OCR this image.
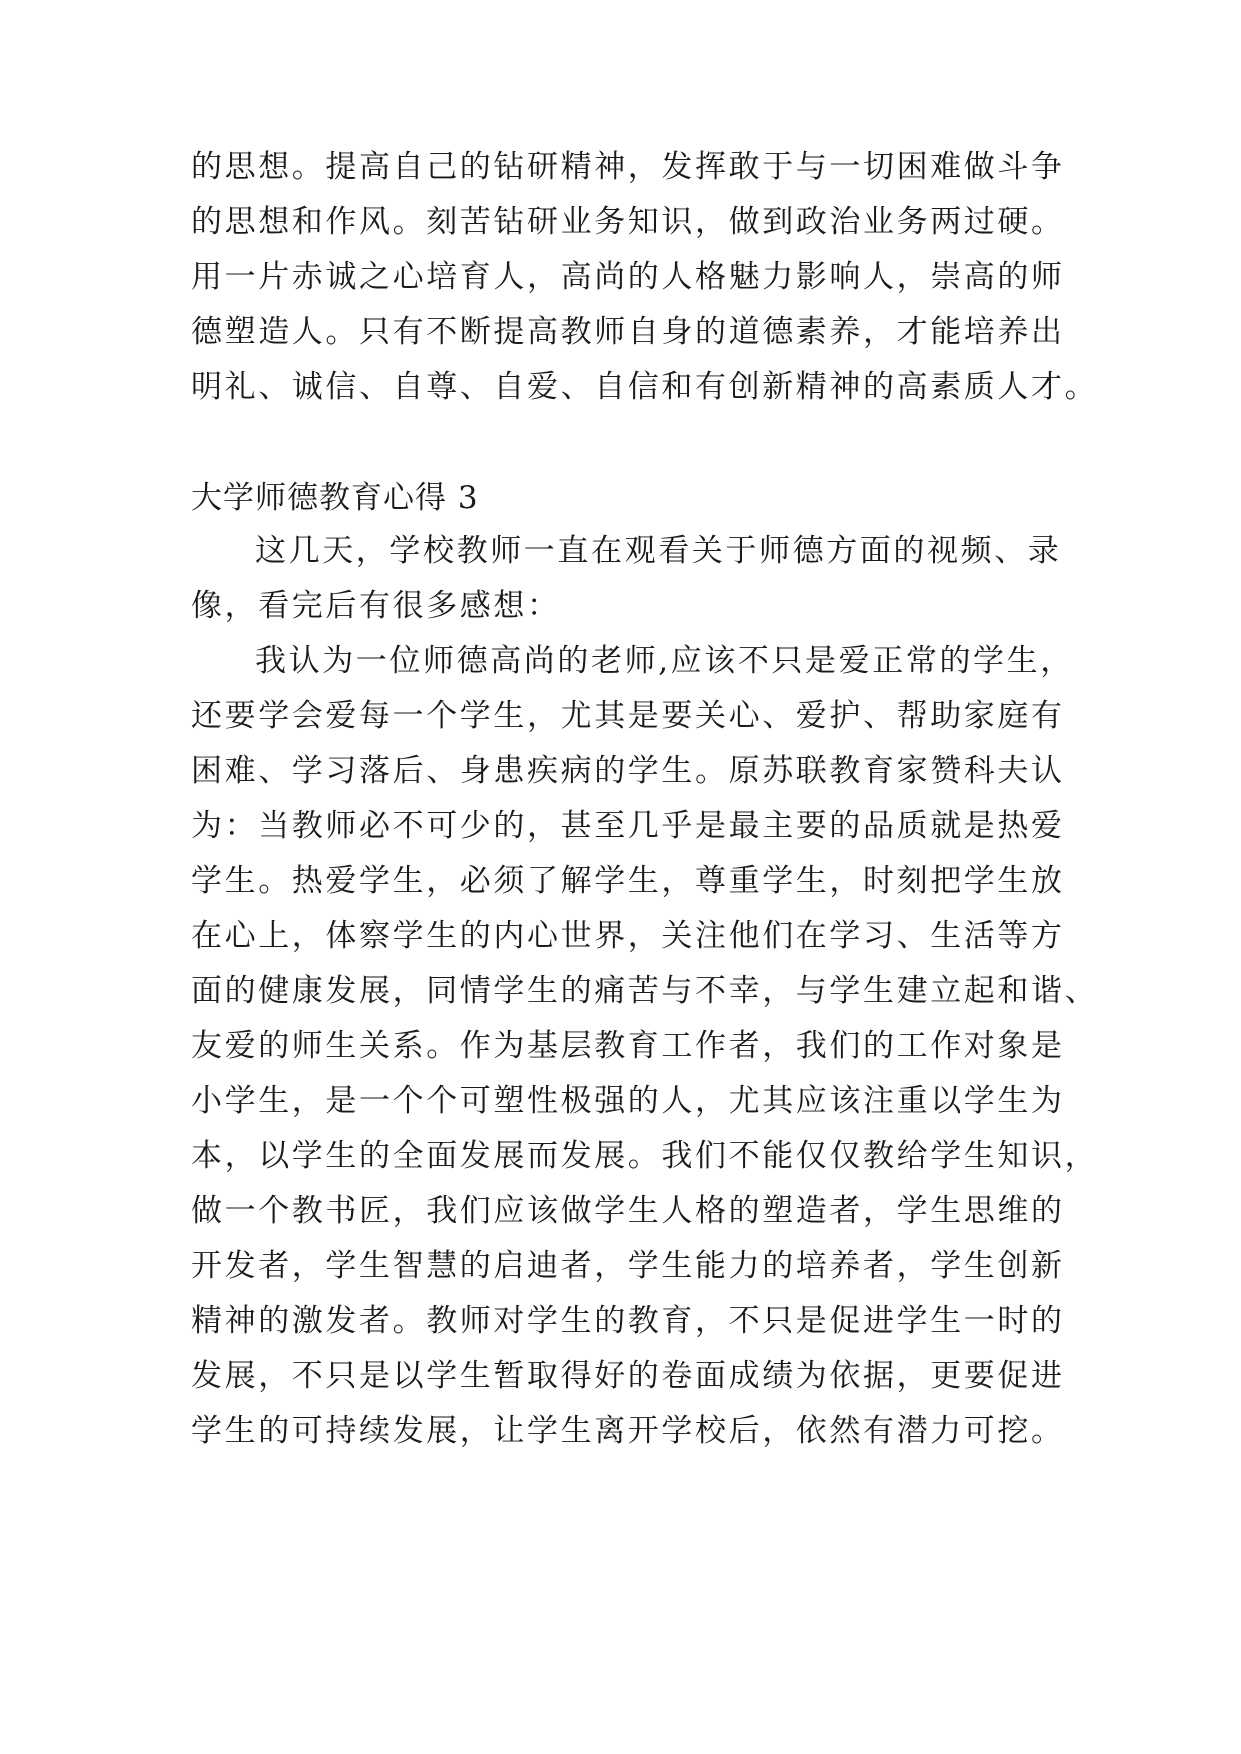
的思想。提高自己的钻研精神，发挥敢于与一切困难做斗争
的思想和作风。刻苦钻研业务知识，做到政治业务两过硬。
用一片赤诚之心培育人，高尚的人格魅力影响人，崇高的师
德塑造人。只有不断提高教师自身的道德素养，才能培养出
明礼、诚信、自尊、自爱、自信和有创新精神的高素质人才。
大学师德教育心得 3
这几天，学校教师一直在观看关于师德方面的视频、录
像，看完后有很多感想：
我认为一位师德高尚的老师,应该不只是爱正常的学生，
还要学会爱每一个学生，尤其是要关心、爱护、帮助家庭有
困难、学习落后、身患疾病的学生。原苏联教育家赞科夫认
为：当教师必不可少的，甚至几乎是最主要的品质就是热爱
学生。热爱学生，必须了解学生，尊重学生，时刻把学生放
在心上，体察学生的内心世界，关注他们在学习、生活等方
面的健康发展，同情学生的痛苦与不幸，与学生建立起和谐、
友爱的师生关系。作为基层教育工作者，我们的工作对象是
小学生，是一个个可塑性极强的人，尤其应该注重以学生为
本，以学生的全面发展而发展。我们不能仅仅教给学生知识，
做一个教书匠，我们应该做学生人格的塑造者，学生思维的
开发者，学生智慧的启迪者，学生能力的培养者，学生创新
精神的激发者。教师对学生的教育，不只是促进学生一时的
发展，不只是以学生暂取得好的卷面成绩为依据，更要促进
学生的可持续发展，让学生离开学校后，依然有潜力可挖。
